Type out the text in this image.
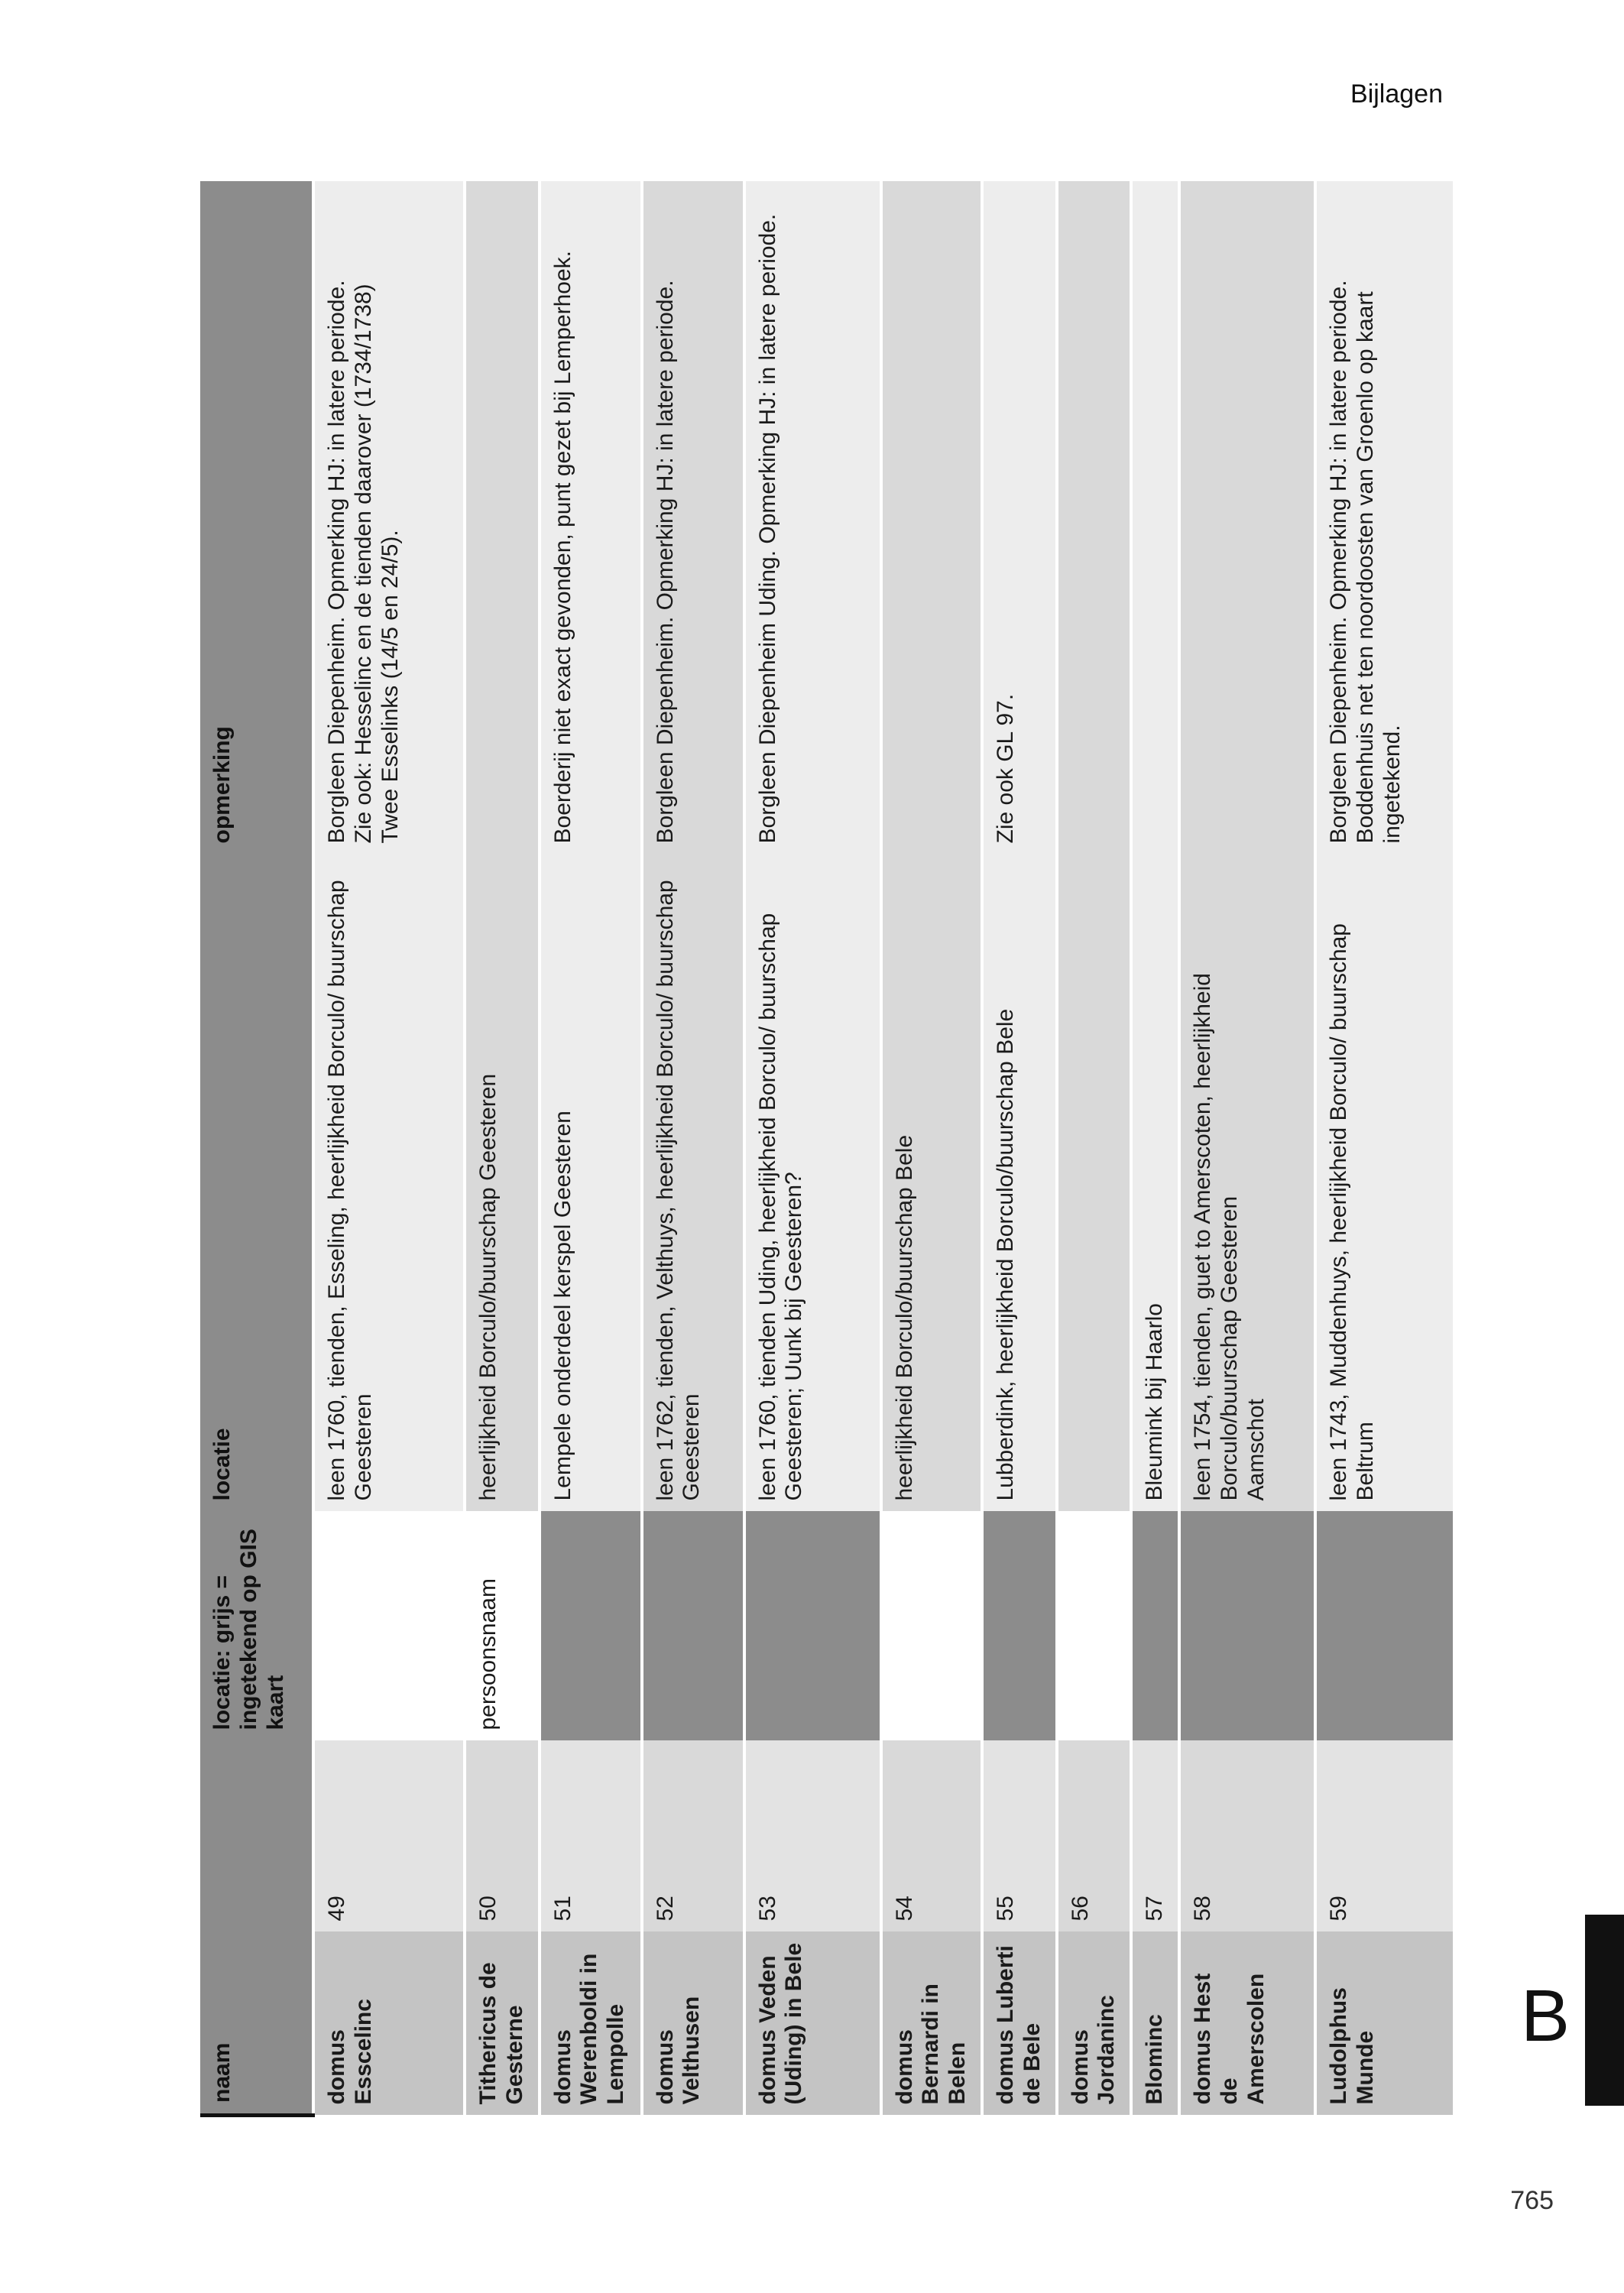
Bijlagen
naam		locatie: grijs = ingetekend op GIS kaart	locatie	opmerking
domus Esscelinc	49		leen 1760, tienden, Esseling, heerlijkheid Borculo/ buurschap Geesteren	Borgleen Diepenheim. Opmerking HJ: in latere periode.
Zie ook: Hesselinc en de tienden daarover (1734/1738)
Twee Esselinks (14/5 en 24/5).
Tithericus de Gesterne	50	persoonsnaam	heerlijkheid Borculo/buurschap Geesteren	
domus Werenboldi in Lempolle	51		Lempele onderdeel kerspel Geesteren	Boerderij niet exact gevonden, punt gezet bij Lemperhoek.
domus Velthusen	52		leen 1762, tienden, Velthuys, heerlijkheid Borculo/ buurschap Geesteren	Borgleen Diepenheim. Opmerking HJ: in latere periode.
domus Veden (Uding) in Bele	53		leen 1760, tienden Uding, heerlijkheid Borculo/ buurschap Geesteren; Uunk bij Geesteren?	Borgleen Diepenheim Uding. Opmerking HJ: in latere periode.
domus Bernardi in Belen	54		heerlijkheid Borculo/buurschap Bele	
domus Luberti de Bele	55		Lubberdink, heerlijkheid Borculo/buurschap Bele	Zie ook GL 97.
domus Jordaninc	56			
Blominc	57		Bleumink bij Haarlo	
domus Hest de Amerscolen	58		leen 1754, tienden, guet to Amerscoten, heerlijkheid Borculo/buurschap Geesteren
Aamschot	
Ludolphus Munde	59		leen 1743, Muddenhuys, heerlijkheid Borculo/ buurschap Beltrum	Borgleen Diepenheim. Opmerking HJ: in latere periode.
Boddenhuis net ten noordoosten van Groenlo op kaart ingetekend.
B
765
